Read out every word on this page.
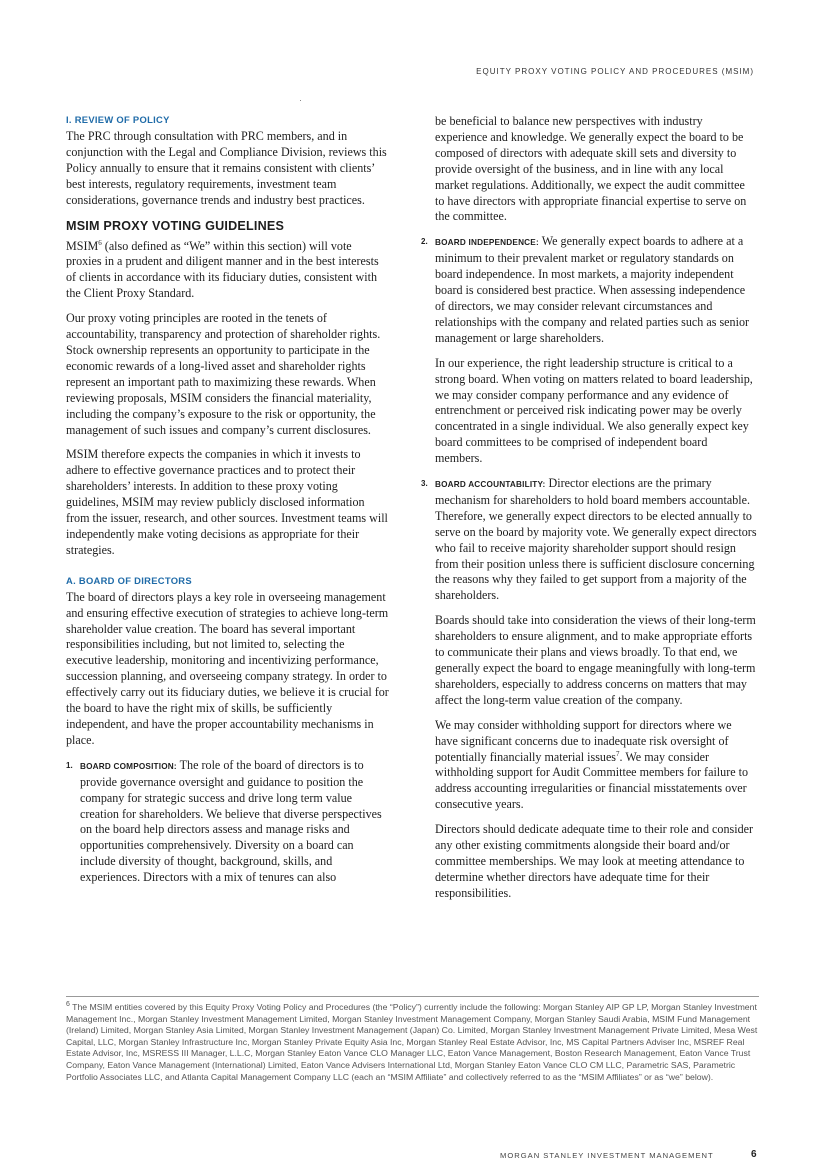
EQUITY PROXY VOTING POLICY AND PROCEDURES (MSIM)
I. REVIEW OF POLICY

The PRC through consultation with PRC members, and in conjunction with the Legal and Compliance Division, reviews this Policy annually to ensure that it remains consistent with clients’ best interests, regulatory requirements, investment team considerations, governance trends and industry best practices.

MSIM PROXY VOTING GUIDELINES

MSIM$^6$ (also defined as “We” within this section) will vote proxies in a prudent and diligent manner and in the best interests of clients in accordance with its fiduciary duties, consistent with the Client Proxy Standard.

Our proxy voting principles are rooted in the tenets of accountability, transparency and protection of shareholder rights. Stock ownership represents an opportunity to participate in the economic rewards of a long-lived asset and shareholder rights represent an important path to maximizing these rewards. When reviewing proposals, MSIM considers the financial materiality, including the company’s exposure to the risk or opportunity, the management of such issues and company’s current disclosures.

MSIM therefore expects the companies in which it invests to adhere to effective governance practices and to protect their shareholders’ interests. In addition to these proxy voting guidelines, MSIM may review publicly disclosed information from the issuer, research, and other sources. Investment teams will independently make voting decisions as appropriate for their strategies.

A. BOARD OF DIRECTORS

The board of directors plays a key role in overseeing management and ensuring effective execution of strategies to achieve long-term shareholder value creation. The board has several important responsibilities including, but not limited to, selecting the executive leadership, monitoring and incentivizing performance, succession planning, and overseeing company strategy. In order to effectively carry out its fiduciary duties, we believe it is crucial for the board to have the right mix of skills, be sufficiently independent, and have the proper accountability mechanisms in place.

1. BOARD COMPOSITION: The role of the board of directors is to provide governance oversight and guidance to position the company for strategic success and drive long term value creation for shareholders. We believe that diverse perspectives on the board help directors assess and manage risks and opportunities comprehensively. Diversity on a board can include diversity of thought, background, skills, and experiences. Directors with a mix of tenures can also

be beneficial to balance new perspectives with industry experience and knowledge. We generally expect the board to be composed of directors with adequate skill sets and diversity to provide oversight of the business, and in line with any local market regulations. Additionally, we expect the audit committee to have directors with appropriate financial expertise to serve on the committee.

2. BOARD INDEPENDENCE: We generally expect boards to adhere at a minimum to their prevalent market or regulatory standards on board independence. In most markets, a majority independent board is considered best practice. When assessing independence of directors, we may consider relevant circumstances and relationships with the company and related parties such as senior management or large shareholders.

In our experience, the right leadership structure is critical to a strong board. When voting on matters related to board leadership, we may consider company performance and any evidence of entrenchment or perceived risk indicating power may be overly concentrated in a single individual. We also generally expect key board committees to be comprised of independent board members.

3. BOARD ACCOUNTABILITY: Director elections are the primary mechanism for shareholders to hold board members accountable. Therefore, we generally expect directors to be elected annually to serve on the board by majority vote. We generally expect directors who fail to receive majority shareholder support should resign from their position unless there is sufficient disclosure concerning the reasons why they failed to get support from a majority of the shareholders.

Boards should take into consideration the views of their long-term shareholders to ensure alignment, and to make appropriate efforts to communicate their plans and views broadly. To that end, we generally expect the board to engage meaningfully with long-term shareholders, especially to address concerns on matters that may affect the long-term value creation of the company.

We may consider withholding support for directors where we have significant concerns due to inadequate risk oversight of potentially financially material issues$^7$. We may consider withholding support for Audit Committee members for failure to address accounting irregularities or financial misstatements over consecutive years.

Directors should dedicate adequate time to their role and consider any other existing commitments alongside their board and/or committee memberships. We may look at meeting attendance to determine whether directors have adequate time for their responsibilities.

$^6$ The MSIM entities covered by this Equity Proxy Voting Policy and Procedures (the “Policy”) currently include the following: Morgan Stanley AIP GP LP, Morgan Stanley Investment Management Inc., Morgan Stanley Investment Management Limited, Morgan Stanley Investment Management Company, Morgan Stanley Saudi Arabia, MSIM Fund Management (Ireland) Limited, Morgan Stanley Asia Limited, Morgan Stanley Investment Management (Japan) Co. Limited, Morgan Stanley Investment Management Private Limited, Mesa West Capital, LLC, Morgan Stanley Infrastructure Inc, Morgan Stanley Private Equity Asia Inc, Morgan Stanley Real Estate Advisor, Inc, MS Capital Partners Adviser Inc, MSREF Real Estate Advisor, Inc, MSRESS III Manager, L.L.C, Morgan Stanley Eaton Vance CLO Manager LLC, Eaton Vance Management, Boston Research Management, Eaton Vance Trust Company, Eaton Vance Management (International) Limited, Eaton Vance Advisers International Ltd, Morgan Stanley Eaton Vance CLO CM LLC, Parametric SAS, Parametric Portfolio Associates LLC, and Atlanta Capital Management Company LLC (each an “MSIM Affiliate” and collectively referred to as the “MSIM Affiliates” or as “we” below).

MORGAN STANLEY INVESTMENT MANAGEMENT	6
